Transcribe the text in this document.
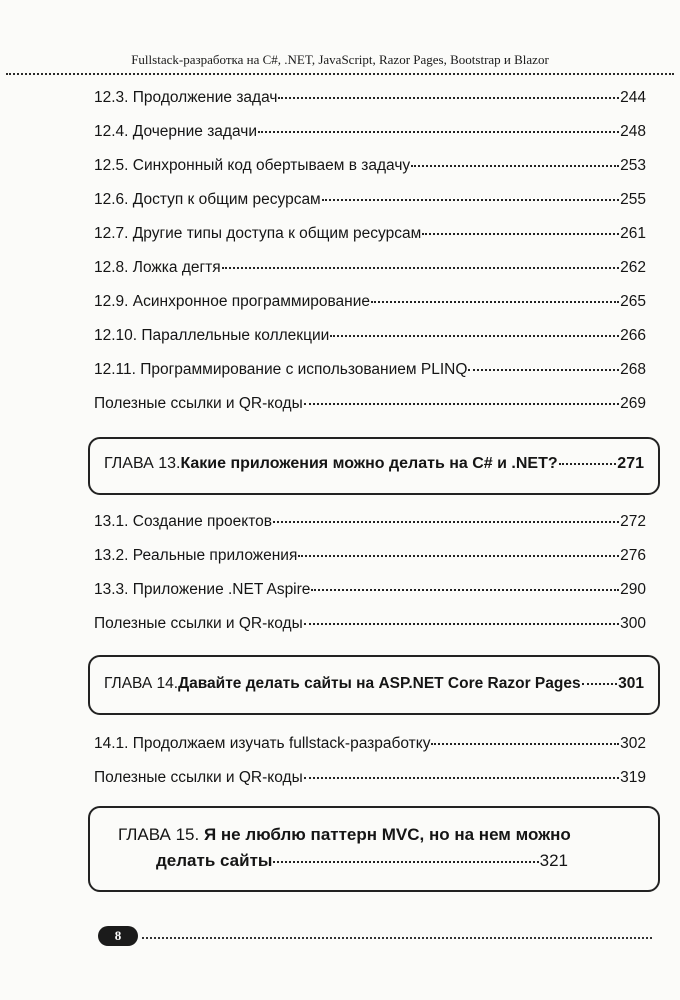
Fullstack-разработка на C#, .NET, JavaScript, Razor Pages, Bootstrap и Blazor
12.3. Продолжение задач	244
12.4. Дочерние задачи	248
12.5. Синхронный код обертываем в задачу	253
12.6. Доступ к общим ресурсам	255
12.7. Другие типы доступа к общим ресурсам	261
12.8. Ложка дегтя	262
12.9. Асинхронное программирование	265
12.10. Параллельные коллекции	266
12.11. Программирование с использованием PLINQ	268
Полезные ссылки и QR-коды	269
ГЛАВА 13. Какие приложения можно делать на C# и .NET?	271
13.1. Создание проектов	272
13.2. Реальные приложения	276
13.3. Приложение .NET Aspire	290
Полезные ссылки и QR-коды	300
ГЛАВА 14. Давайте делать сайты на ASP.NET Core Razor Pages 301
14.1. Продолжаем изучать fullstack-разработку	302
Полезные ссылки и QR-коды	319
ГЛАВА 15. Я не люблю паттерн MVC, но на нем можно
делать сайты	321
8
